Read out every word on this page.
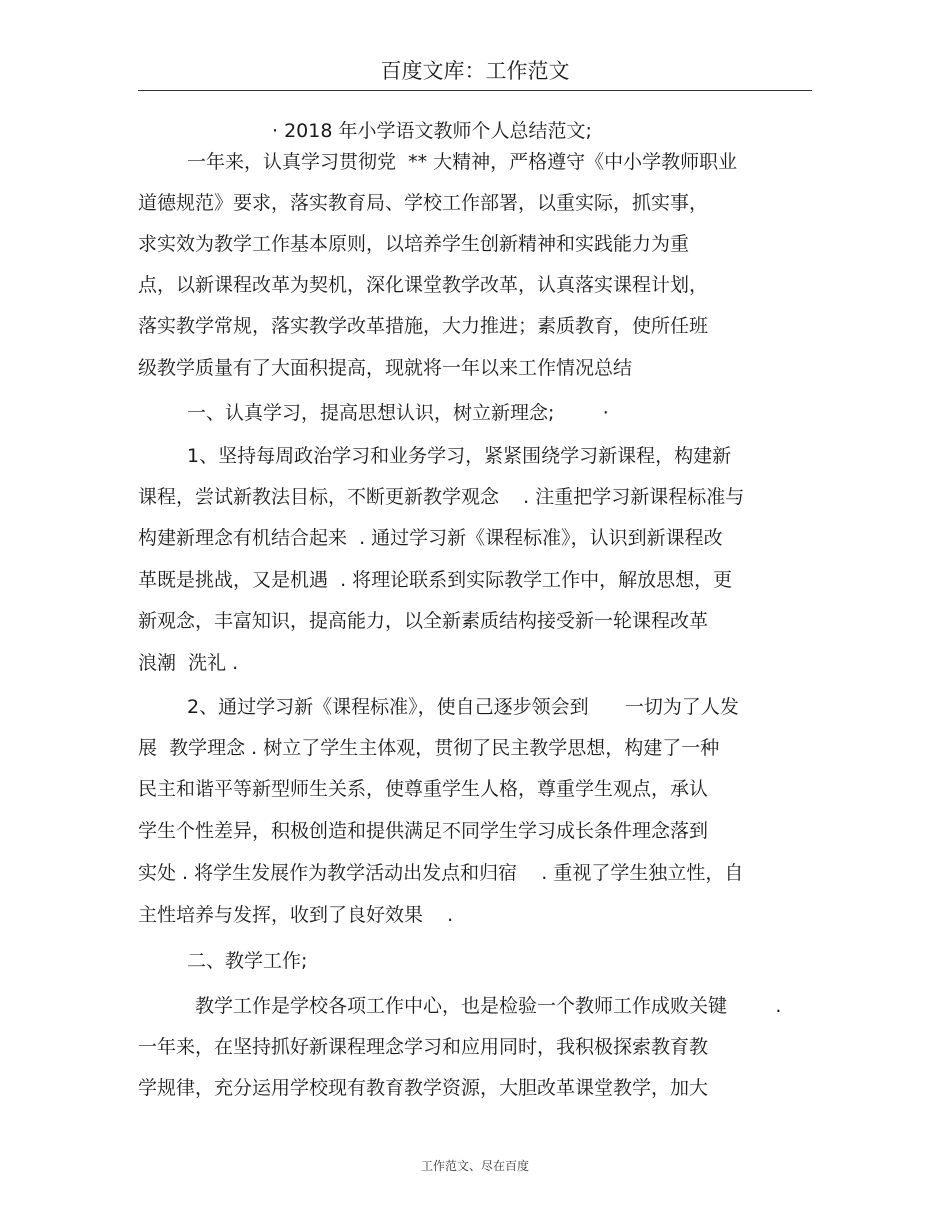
百度文库：工作范文
· 2018 年小学语文教师个人总结范文;
一年来，认真学习贯彻党  ** 大精神，严格遵守《中小学教师职业
道德规范》要求，落实教育局、学校工作部署，以重实际，抓实事，
求实效为教学工作基本原则，以培养学生创新精神和实践能力为重
点，以新课程改革为契机，深化课堂教学改革，认真落实课程计划，
落实教学常规，落实教学改革措施，大力推进；素质教育，使所任班
级教学质量有了大面积提高，现就将一年以来工作情况总结
一、认真学习，提高思想认识，树立新理念;        ·
1、坚持每周政治学习和业务学习，紧紧围绕学习新课程，构建新
课程，尝试新教法目标，不断更新教学观念    . 注重把学习新课程标准与
构建新理念有机结合起来  . 通过学习新《课程标准》，认识到新课程改
革既是挑战，又是机遇  . 将理论联系到实际教学工作中，解放思想，更
新观念，丰富知识，提高能力，以全新素质结构接受新一轮课程改革
浪潮  洗礼 .
2、通过学习新《课程标准》，使自己逐步领会到      一切为了人发
展  教学理念 . 树立了学生主体观，贯彻了民主教学思想，构建了一种
民主和谐平等新型师生关系，使尊重学生人格，尊重学生观点，承认
学生个性差异，积极创造和提供满足不同学生学习成长条件理念落到
实处 . 将学生发展作为教学活动出发点和归宿    . 重视了学生独立性，自
主性培养与发挥，收到了良好效果    .
二、教学工作;
教学工作是学校各项工作中心，也是检验一个教师工作成败关键        .
一年来，在坚持抓好新课程理念学习和应用同时，我积极探索教育教
学规律，充分运用学校现有教育教学资源，大胆改革课堂教学，加大
工作范文、尽在百度
